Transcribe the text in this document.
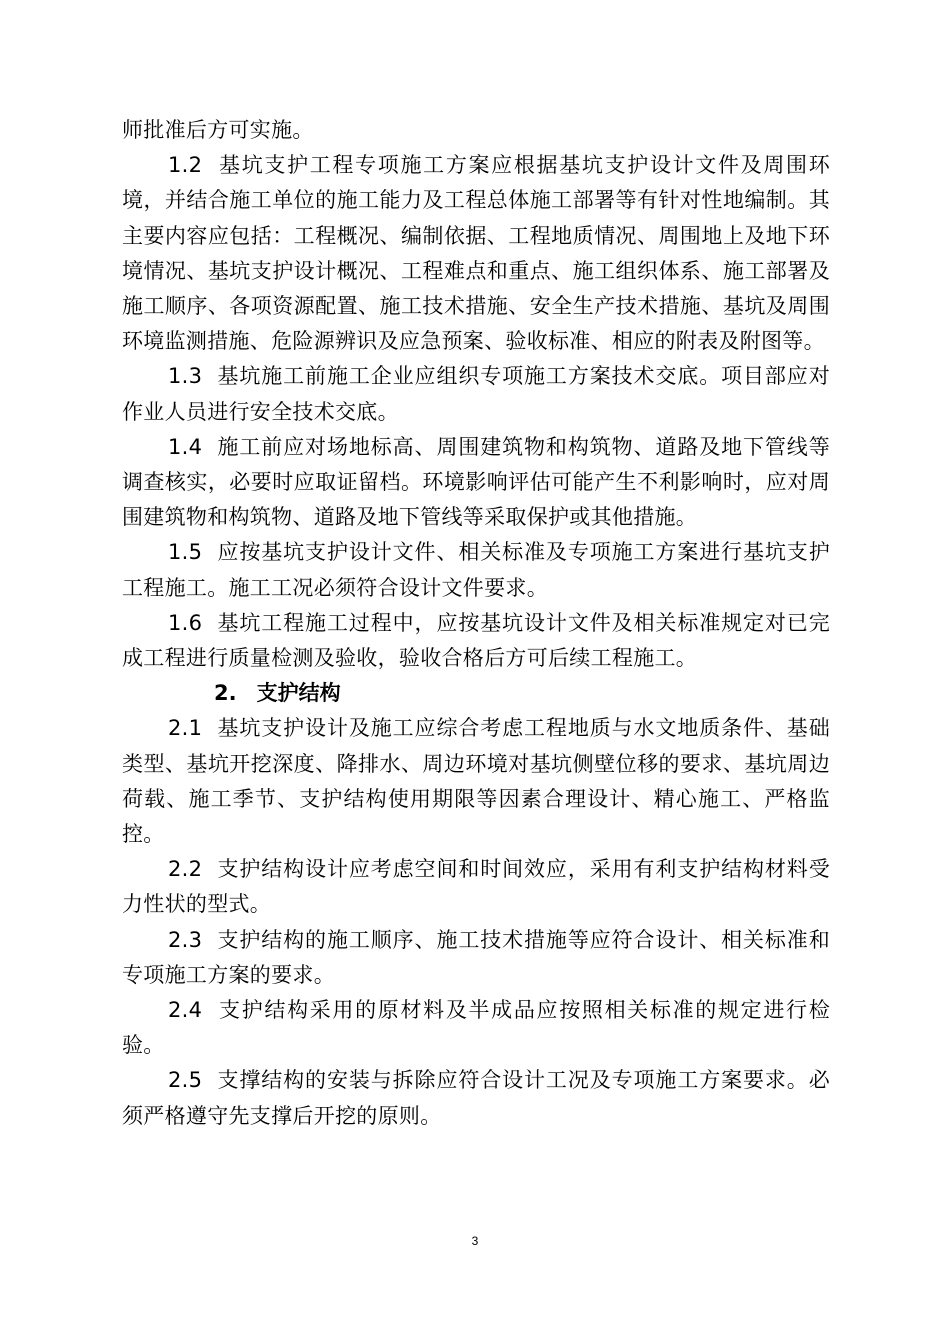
师批准后方可实施。

1.2 基坑支护工程专项施工方案应根据基坑支护设计文件及周围环境，并结合施工单位的施工能力及工程总体施工部署等有针对性地编制。其主要内容应包括：工程概况、编制依据、工程地质情况、周围地上及地下环境情况、基坑支护设计概况、工程难点和重点、施工组织体系、施工部署及施工顺序、各项资源配置、施工技术措施、安全生产技术措施、基坑及周围环境监测措施、危险源辨识及应急预案、验收标准、相应的附表及附图等。

1.3 基坑施工前施工企业应组织专项施工方案技术交底。项目部应对作业人员进行安全技术交底。

1.4 施工前应对场地标高、周围建筑物和构筑物、道路及地下管线等调查核实，必要时应取证留档。环境影响评估可能产生不利影响时，应对周围建筑物和构筑物、道路及地下管线等采取保护或其他措施。

1.5 应按基坑支护设计文件、相关标准及专项施工方案进行基坑支护工程施工。施工工况必须符合设计文件要求。

1.6 基坑工程施工过程中，应按基坑设计文件及相关标准规定对已完成工程进行质量检测及验收，验收合格后方可后续工程施工。

2. 支护结构

2.1 基坑支护设计及施工应综合考虑工程地质与水文地质条件、基础类型、基坑开挖深度、降排水、周边环境对基坑侧壁位移的要求、基坑周边荷载、施工季节、支护结构使用期限等因素合理设计、精心施工、严格监控。

2.2 支护结构设计应考虑空间和时间效应，采用有利支护结构材料受力性状的型式。

2.3 支护结构的施工顺序、施工技术措施等应符合设计、相关标准和专项施工方案的要求。

2.4 支护结构采用的原材料及半成品应按照相关标准的规定进行检验。

2.5 支撑结构的安装与拆除应符合设计工况及专项施工方案要求。必须严格遵守先支撑后开挖的原则。

3
